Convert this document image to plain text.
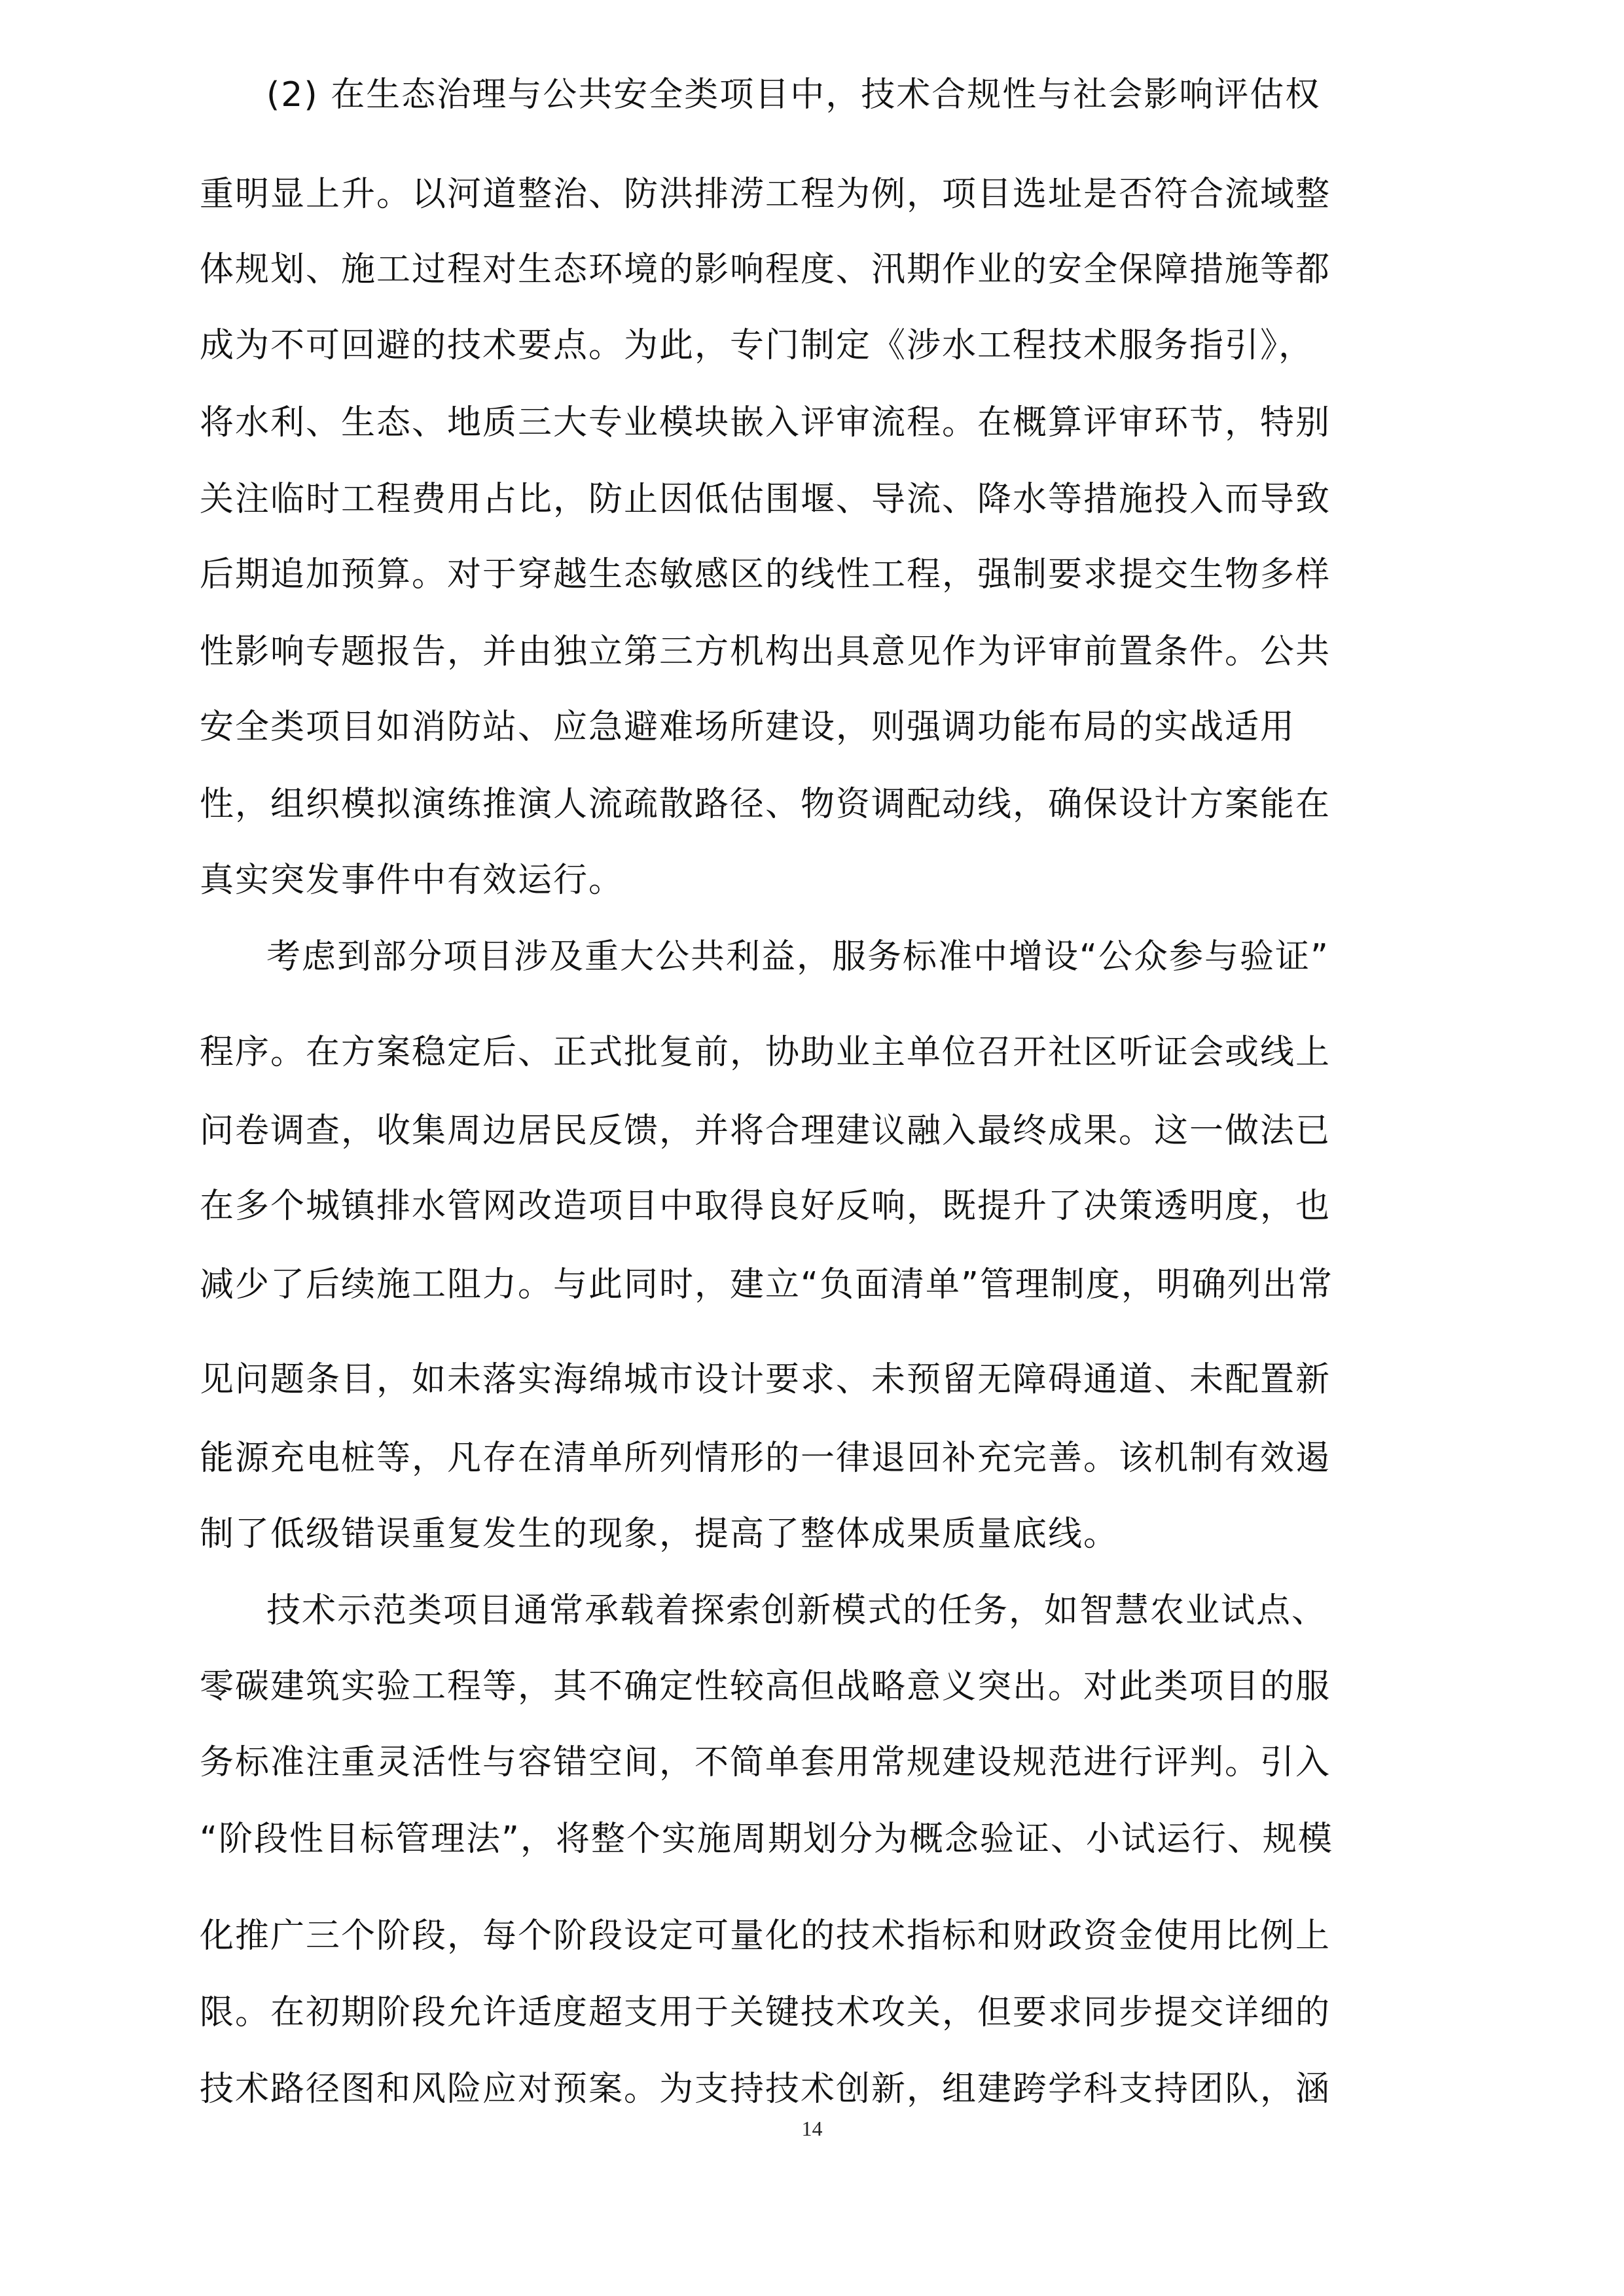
(2) 在生态治理与公共安全类项目中，技术合规性与社会影响评估权
重明显上升。以河道整治、防洪排涝工程为例，项目选址是否符合流域整
体规划、施工过程对生态环境的影响程度、汛期作业的安全保障措施等都
成为不可回避的技术要点。为此，专门制定《涉水工程技术服务指引》，
将水利、生态、地质三大专业模块嵌入评审流程。在概算评审环节，特别
关注临时工程费用占比，防止因低估围堰、导流、降水等措施投入而导致
后期追加预算。对于穿越生态敏感区的线性工程，强制要求提交生物多样
性影响专题报告，并由独立第三方机构出具意见作为评审前置条件。公共
安全类项目如消防站、应急避难场所建设，则强调功能布局的实战适用
性，组织模拟演练推演人流疏散路径、物资调配动线，确保设计方案能在
真实突发事件中有效运行。
考虑到部分项目涉及重大公共利益，服务标准中增设“公众参与验证”
程序。在方案稳定后、正式批复前，协助业主单位召开社区听证会或线上
问卷调查，收集周边居民反馈，并将合理建议融入最终成果。这一做法已
在多个城镇排水管网改造项目中取得良好反响，既提升了决策透明度，也
减少了后续施工阻力。与此同时，建立“负面清单”管理制度，明确列出常
见问题条目，如未落实海绵城市设计要求、未预留无障碍通道、未配置新
能源充电桩等，凡存在清单所列情形的一律退回补充完善。该机制有效遏
制了低级错误重复发生的现象，提高了整体成果质量底线。
技术示范类项目通常承载着探索创新模式的任务，如智慧农业试点、
零碳建筑实验工程等，其不确定性较高但战略意义突出。对此类项目的服
务标准注重灵活性与容错空间，不简单套用常规建设规范进行评判。引入
“阶段性目标管理法”，将整个实施周期划分为概念验证、小试运行、规模
化推广三个阶段，每个阶段设定可量化的技术指标和财政资金使用比例上
限。在初期阶段允许适度超支用于关键技术攻关，但要求同步提交详细的
技术路径图和风险应对预案。为支持技术创新，组建跨学科支持团队，涵
14
